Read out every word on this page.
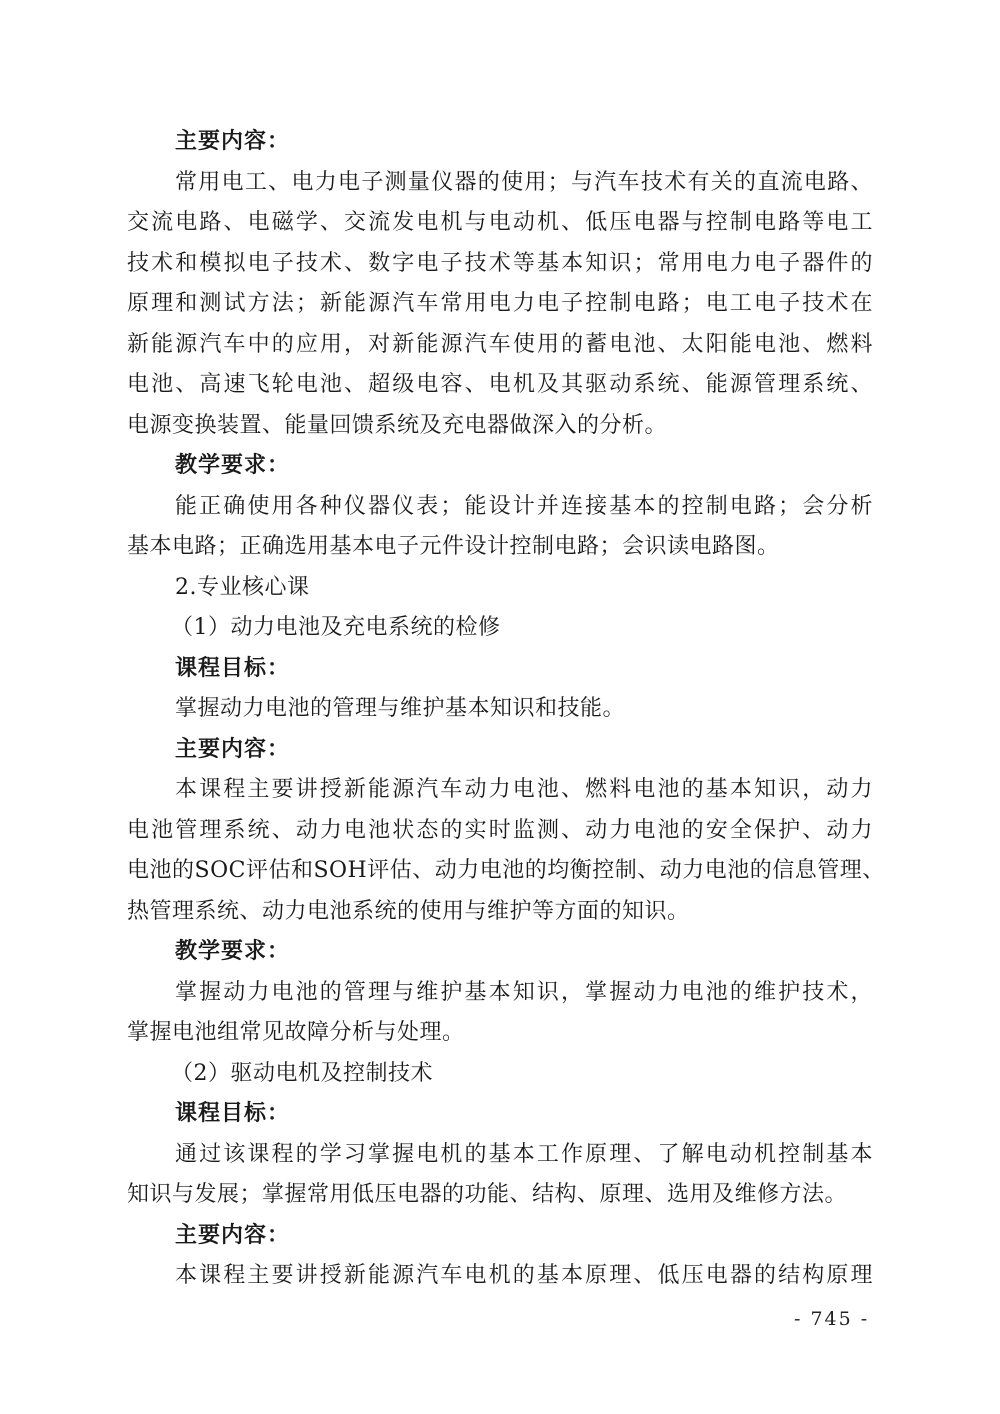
主要内容：
常用电工、电力电子测量仪器的使用；与汽车技术有关的直流电路、
交流电路、电磁学、交流发电机与电动机、低压电器与控制电路等电工
技术和模拟电子技术、数字电子技术等基本知识；常用电力电子器件的
原理和测试方法；新能源汽车常用电力电子控制电路；电工电子技术在
新能源汽车中的应用，对新能源汽车使用的蓄电池、太阳能电池、燃料
电池、高速飞轮电池、超级电容、电机及其驱动系统、能源管理系统、
电源变换装置、能量回馈系统及充电器做深入的分析。
教学要求：
能正确使用各种仪器仪表；能设计并连接基本的控制电路；会分析
基本电路；正确选用基本电子元件设计控制电路；会识读电路图。
2.专业核心课
（1）动力电池及充电系统的检修
课程目标：
掌握动力电池的管理与维护基本知识和技能。
主要内容：
本课程主要讲授新能源汽车动力电池、燃料电池的基本知识，动力
电池管理系统、动力电池状态的实时监测、动力电池的安全保护、动力
电池的SOC评估和SOH评估、动力电池的均衡控制、动力电池的信息管理、
热管理系统、动力电池系统的使用与维护等方面的知识。
教学要求：
掌握动力电池的管理与维护基本知识，掌握动力电池的维护技术，
掌握电池组常见故障分析与处理。
（2）驱动电机及控制技术
课程目标：
通过该课程的学习掌握电机的基本工作原理、了解电动机控制基本
知识与发展；掌握常用低压电器的功能、结构、原理、选用及维修方法。
主要内容：
本课程主要讲授新能源汽车电机的基本原理、低压电器的结构原理
- 745 -
